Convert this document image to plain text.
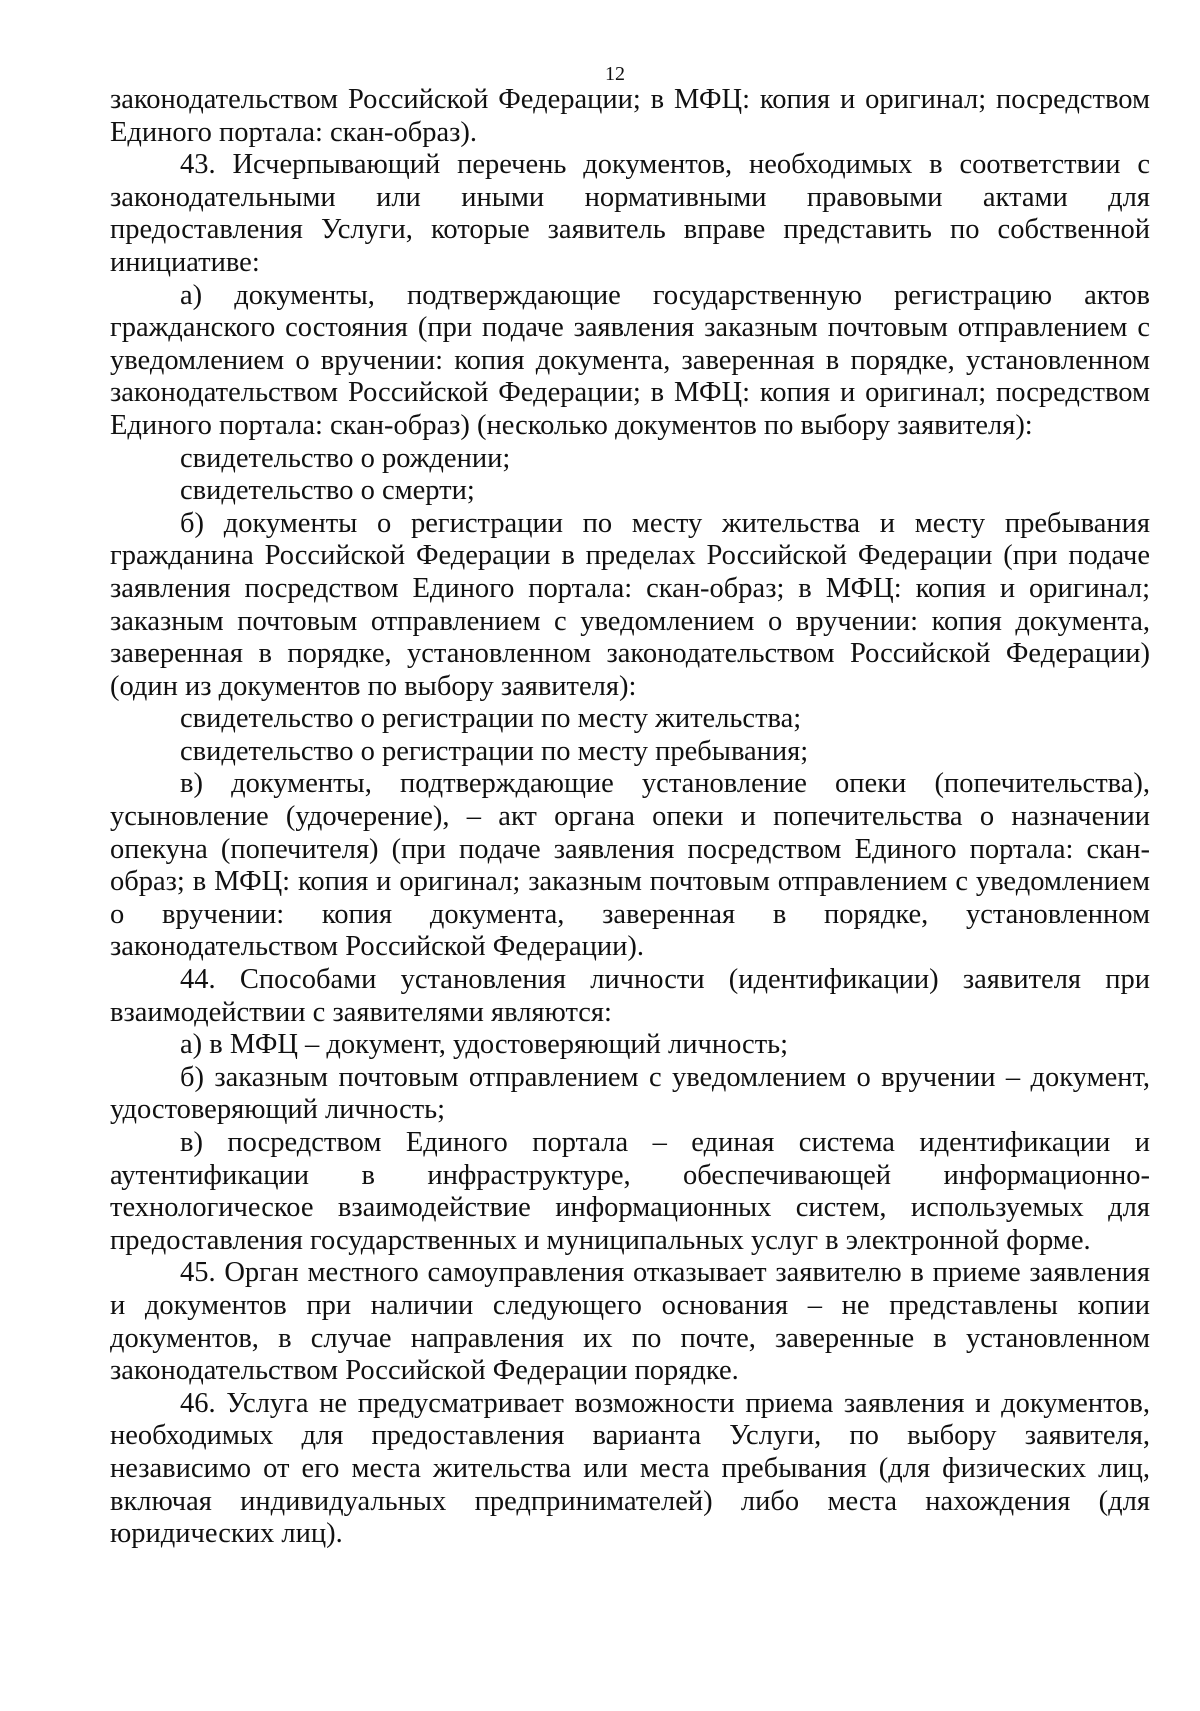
12

законодательством Российской Федерации; в МФЦ: копия и оригинал; посредством Единого портала: скан-образ).

43. Исчерпывающий перечень документов, необходимых в соответствии с законодательными или иными нормативными правовыми актами для предоставления Услуги, которые заявитель вправе представить по собственной инициативе:

а) документы, подтверждающие государственную регистрацию актов гражданского состояния (при подаче заявления заказным почтовым отправлением с уведомлением о вручении: копия документа, заверенная в порядке, установленном законодательством Российской Федерации; в МФЦ: копия и оригинал; посредством Единого портала: скан-образ) (несколько документов по выбору заявителя):

свидетельство о рождении;

свидетельство о смерти;

б) документы о регистрации по месту жительства и месту пребывания гражданина Российской Федерации в пределах Российской Федерации (при подаче заявления посредством Единого портала: скан-образ; в МФЦ: копия и оригинал; заказным почтовым отправлением с уведомлением о вручении: копия документа, заверенная в порядке, установленном законодательством Российской Федерации) (один из документов по выбору заявителя):

свидетельство о регистрации по месту жительства;

свидетельство о регистрации по месту пребывания;

в) документы, подтверждающие установление опеки (попечительства), усыновление (удочерение), – акт органа опеки и попечительства о назначении опекуна (попечителя) (при подаче заявления посредством Единого портала: скан-образ; в МФЦ: копия и оригинал; заказным почтовым отправлением с уведомлением о вручении: копия документа, заверенная в порядке, установленном законодательством Российской Федерации).

44. Способами установления личности (идентификации) заявителя при взаимодействии с заявителями являются:

а) в МФЦ – документ, удостоверяющий личность;

б) заказным почтовым отправлением с уведомлением о вручении – документ, удостоверяющий личность;

в) посредством Единого портала – единая система идентификации и аутентификации в инфраструктуре, обеспечивающей информационно-технологическое взаимодействие информационных систем, используемых для предоставления государственных и муниципальных услуг в электронной форме.

45. Орган местного самоуправления отказывает заявителю в приеме заявления и документов при наличии следующего основания – не представлены копии документов, в случае направления их по почте, заверенные в установленном законодательством Российской Федерации порядке.

46. Услуга не предусматривает возможности приема заявления и документов, необходимых для предоставления варианта Услуги, по выбору заявителя, независимо от его места жительства или места пребывания (для физических лиц, включая индивидуальных предпринимателей) либо места нахождения (для юридических лиц).
